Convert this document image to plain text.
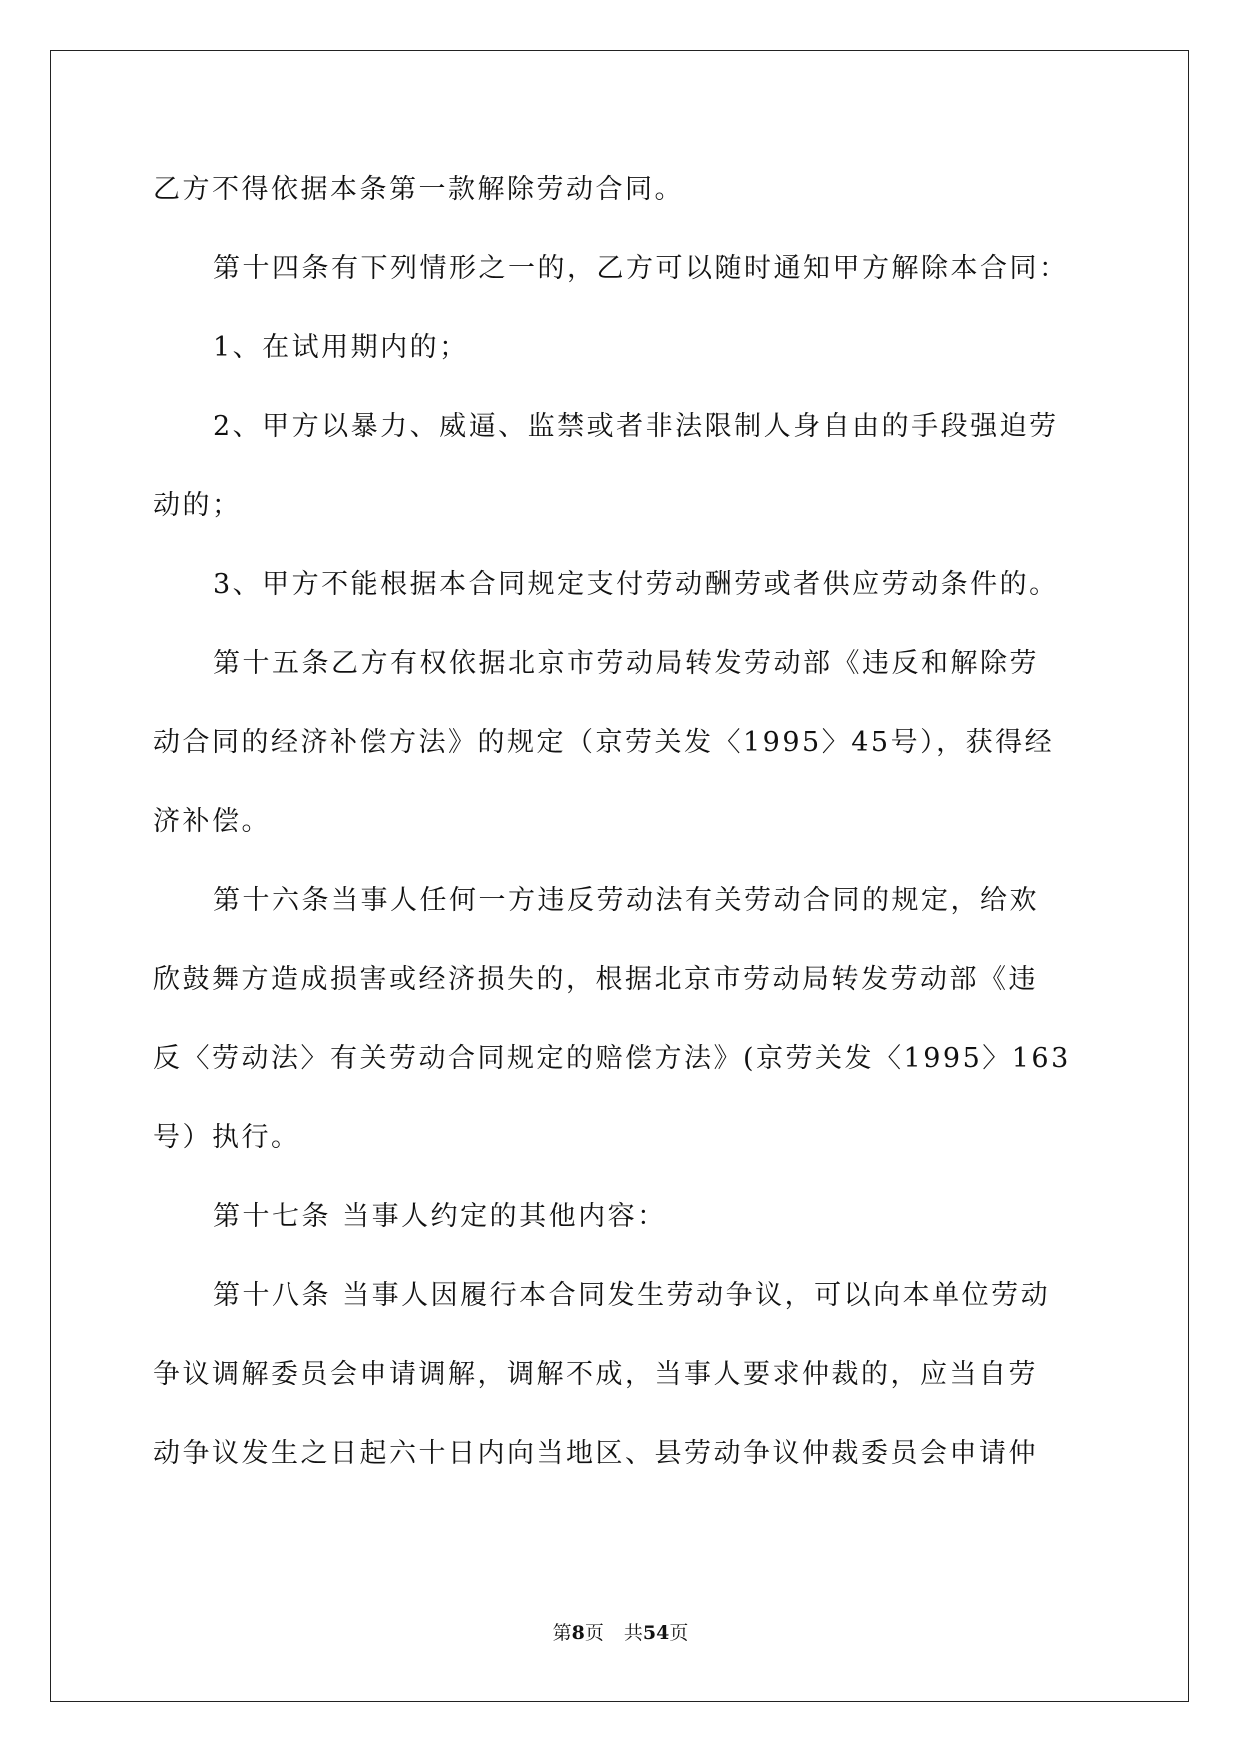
乙方不得依据本条第一款解除劳动合同。

第十四条有下列情形之一的，乙方可以随时通知甲方解除本合同：

1、在试用期内的；

2、甲方以暴力、威逼、监禁或者非法限制人身自由的手段强迫劳

动的；

3、甲方不能根据本合同规定支付劳动酬劳或者供应劳动条件的。

第十五条乙方有权依据北京市劳动局转发劳动部《违反和解除劳

动合同的经济补偿方法》的规定（京劳关发〈1995〉45号），获得经

济补偿。

第十六条当事人任何一方违反劳动法有关劳动合同的规定，给欢

欣鼓舞方造成损害或经济损失的，根据北京市劳动局转发劳动部《违

反〈劳动法〉有关劳动合同规定的赔偿方法》(京劳关发〈1995〉163

号）执行。

第十七条 当事人约定的其他内容：

第十八条 当事人因履行本合同发生劳动争议，可以向本单位劳动

争议调解委员会申请调解，调解不成，当事人要求仲裁的，应当自劳

动争议发生之日起六十日内向当地区、县劳动争议仲裁委员会申请仲

第8页 共54页
